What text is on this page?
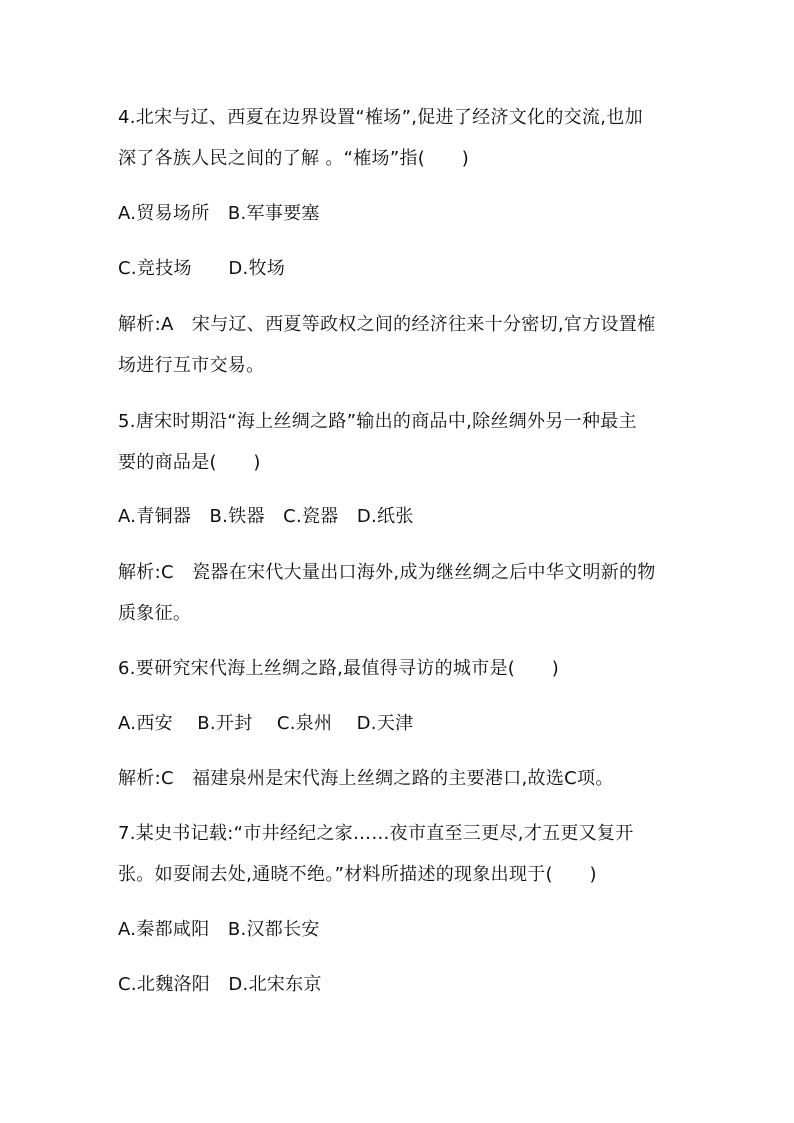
4.北宋与辽、西夏在边界设置“榷场”,促进了经济文化的交流,也加
深了各族人民之间的了解 。“榷场”指(　　)
A.贸易场所　B.军事要塞
C.竞技场　　D.牧场
解析:A　宋与辽、西夏等政权之间的经济往来十分密切,官方设置榷
场进行互市交易。
5.唐宋时期沿“海上丝绸之路”输出的商品中,除丝绸外另一种最主
要的商品是(　　)
A.青铜器　B.铁器　C.瓷器　D.纸张
解析:C　瓷器在宋代大量出口海外,成为继丝绸之后中华文明新的物
质象征。
6.要研究宋代海上丝绸之路,最值得寻访的城市是(　　)
A.西安　 B.开封　 C.泉州　 D.天津
解析:C　福建泉州是宋代海上丝绸之路的主要港口,故选C项。
7.某史书记载:“市井经纪之家……夜市直至三更尽,才五更又复开
张。如耍闹去处,通晓不绝。”材料所描述的现象出现于(　　)
A.秦都咸阳　B.汉都长安
C.北魏洛阳　D.北宋东京
